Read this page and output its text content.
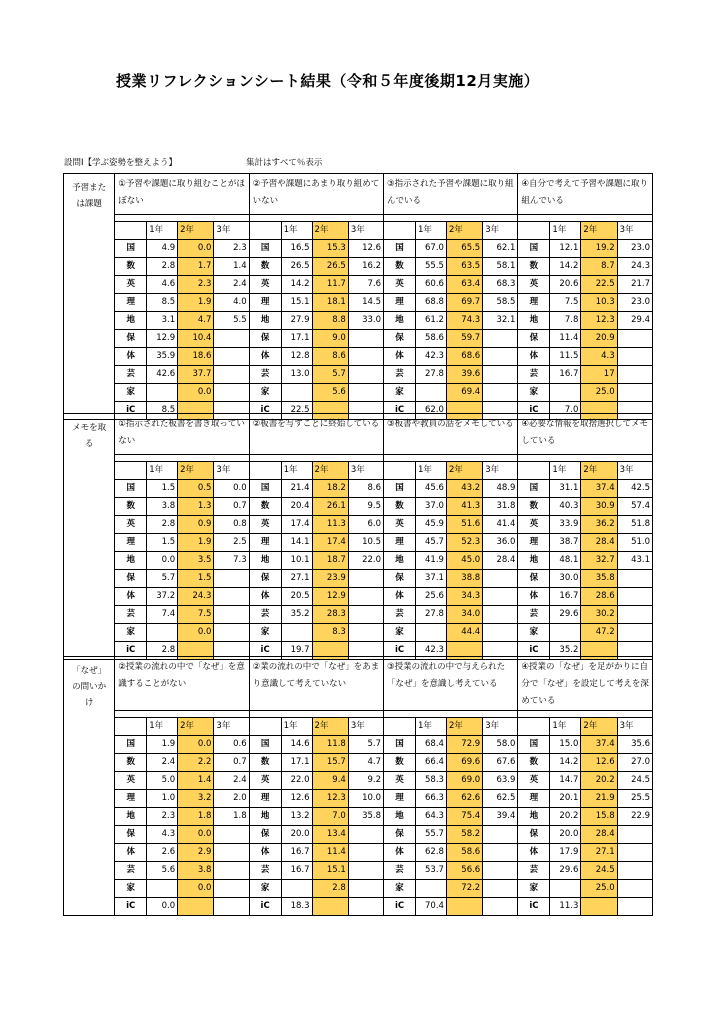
授業リフレクションシート結果（令和５年度後期12月実施）
設問Ⅰ【学ぶ姿勢を整えよう】	集計はすべて％表示
予習または課題	①予習や課題に取り組むことがほぼない				②予習や課題にあまり取り組めていない				③指示された予習や課題に取り組んでいる				④自分で考えて予習や課題に取り組んでいる			

		1年	2年	3年		1年	2年	3年		1年	2年	3年		1年	2年	3年
	国	4.9	0.0	2.3	国	16.5	15.3	12.6	国	67.0	65.5	62.1	国	12.1	19.2	23.0
	数	2.8	1.7	1.4	数	26.5	26.5	16.2	数	55.5	63.5	58.1	数	14.2	8.7	24.3
	英	4.6	2.3	2.4	英	14.2	11.7	7.6	英	60.6	63.4	68.3	英	20.6	22.5	21.7
	理	8.5	1.9	4.0	理	15.1	18.1	14.5	理	68.8	69.7	58.5	理	7.5	10.3	23.0
	地	3.1	4.7	5.5	地	27.9	8.8	33.0	地	61.2	74.3	32.1	地	7.8	12.3	29.4
	保	12.9	10.4		保	17.1	9.0		保	58.6	59.7		保	11.4	20.9	
	体	35.9	18.6		体	12.8	8.6		体	42.3	68.6		体	11.5	4.3	
	芸	42.6	37.7		芸	13.0	5.7		芸	27.8	39.6		芸	16.7	17	
	家		0.0		家		5.6		家		69.4		家		25.0	
	iC	8.5			iC	22.5			iC	62.0			iC	7.0		
メモを取る	①指示された板書を書き取っていない				②板書を写すことに終始している				③板書や教員の話をメモしている				④必要な情報を取捨選択してメモしている			

		1年	2年	3年		1年	2年	3年		1年	2年	3年		1年	2年	3年
	国	1.5	0.5	0.0	国	21.4	18.2	8.6	国	45.6	43.2	48.9	国	31.1	37.4	42.5
	数	3.8	1.3	0.7	数	20.4	26.1	9.5	数	37.0	41.3	31.8	数	40.3	30.9	57.4
	英	2.8	0.9	0.8	英	17.4	11.3	6.0	英	45.9	51.6	41.4	英	33.9	36.2	51.8
	理	1.5	1.9	2.5	理	14.1	17.4	10.5	理	45.7	52.3	36.0	理	38.7	28.4	51.0
	地	0.0	3.5	7.3	地	10.1	18.7	22.0	地	41.9	45.0	28.4	地	48.1	32.7	43.1
	保	5.7	1.5		保	27.1	23.9		保	37.1	38.8		保	30.0	35.8	
	体	37.2	24.3		体	20.5	12.9		体	25.6	34.3		体	16.7	28.6	
	芸	7.4	7.5		芸	35.2	28.3		芸	27.8	34.0		芸	29.6	30.2	
	家		0.0		家		8.3		家		44.4		家		47.2	
	iC	2.8			iC	19.7			iC	42.3			iC	35.2		
「なぜ」の問いかけ	②授業の流れの中で「なぜ」を意識することがない				②業の流れの中で「なぜ」をあまり意識して考えていない				③授業の流れの中で与えられた「なぜ」を意識し考えている				④授業の「なぜ」を足がかりに自分で「なぜ」を設定して考えを深めている			

		1年	2年	3年		1年	2年	3年		1年	2年	3年		1年	2年	3年
	国	1.9	0.0	0.6	国	14.6	11.8	5.7	国	68.4	72.9	58.0	国	15.0	37.4	35.6
	数	2.4	2.2	0.7	数	17.1	15.7	4.7	数	66.4	69.6	67.6	数	14.2	12.6	27.0
	英	5.0	1.4	2.4	英	22.0	9.4	9.2	英	58.3	69.0	63.9	英	14.7	20.2	24.5
	理	1.0	3.2	2.0	理	12.6	12.3	10.0	理	66.3	62.6	62.5	理	20.1	21.9	25.5
	地	2.3	1.8	1.8	地	13.2	7.0	35.8	地	64.3	75.4	39.4	地	20.2	15.8	22.9
	保	4.3	0.0		保	20.0	13.4		保	55.7	58.2		保	20.0	28.4	
	体	2.6	2.9		体	16.7	11.4		体	62.8	58.6		体	17.9	27.1	
	芸	5.6	3.8		芸	16.7	15.1		芸	53.7	56.6		芸	29.6	24.5	
	家		0.0		家		2.8		家		72.2		家		25.0	
	iC	0.0			iC	18.3			iC	70.4			iC	11.3		
